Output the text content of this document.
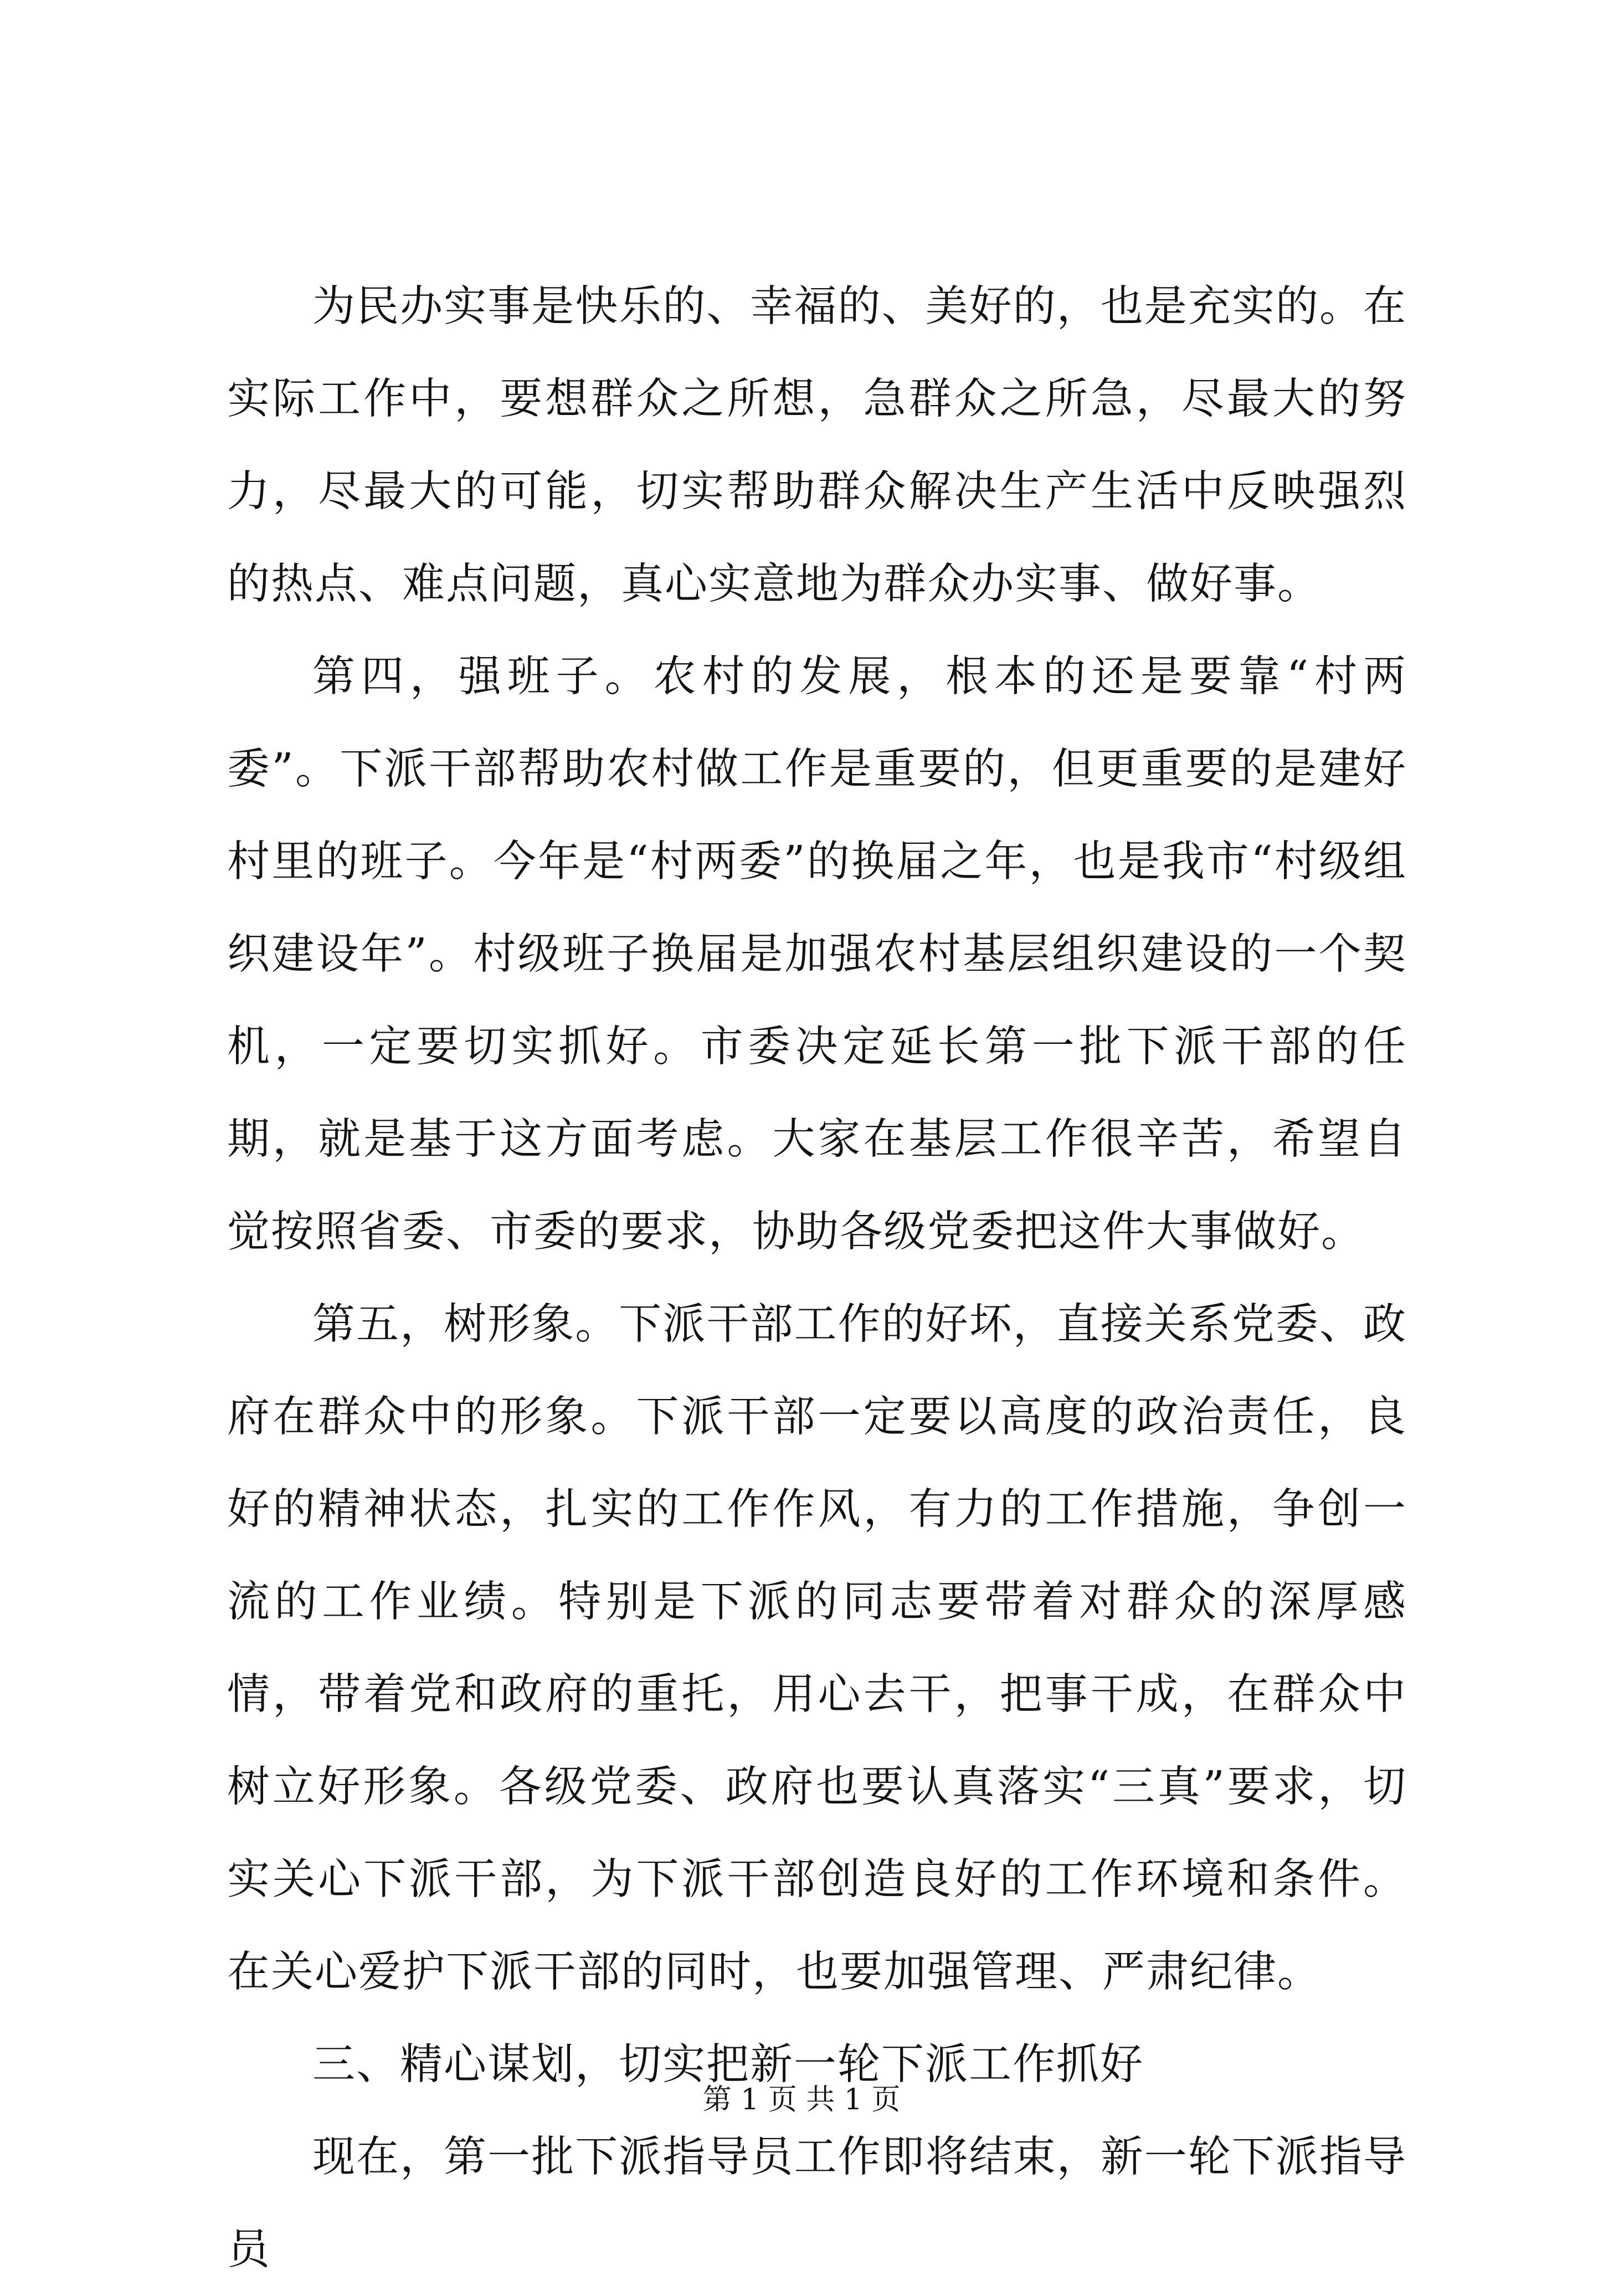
为民办实事是快乐的、幸福的、美好的，也是充实的。在实际工作中，要想群众之所想，急群众之所急，尽最大的努力，尽最大的可能，切实帮助群众解决生产生活中反映强烈的热点、难点问题，真心实意地为群众办实事、做好事。

第四，强班子。农村的发展，根本的还是要靠“村两委”。下派干部帮助农村做工作是重要的，但更重要的是建好村里的班子。今年是“村两委”的换届之年，也是我市“村级组织建设年”。村级班子换届是加强农村基层组织建设的一个契机，一定要切实抓好。市委决定延长第一批下派干部的任期，就是基于这方面考虑。大家在基层工作很辛苦，希望自觉按照省委、市委的要求，协助各级党委把这件大事做好。

第五，树形象。下派干部工作的好坏，直接关系党委、政府在群众中的形象。下派干部一定要以高度的政治责任，良好的精神状态，扎实的工作作风，有力的工作措施，争创一流的工作业绩。特别是下派的同志要带着对群众的深厚感情，带着党和政府的重托，用心去干，把事干成，在群众中树立好形象。各级党委、政府也要认真落实“三真”要求，切实关心下派干部，为下派干部创造良好的工作环境和条件。在关心爱护下派干部的同时，也要加强管理、严肃纪律。

三、精心谋划，切实把新一轮下派工作抓好

现在，第一批下派指导员工作即将结束，新一轮下派指导员

第 1 页 共 1 页
